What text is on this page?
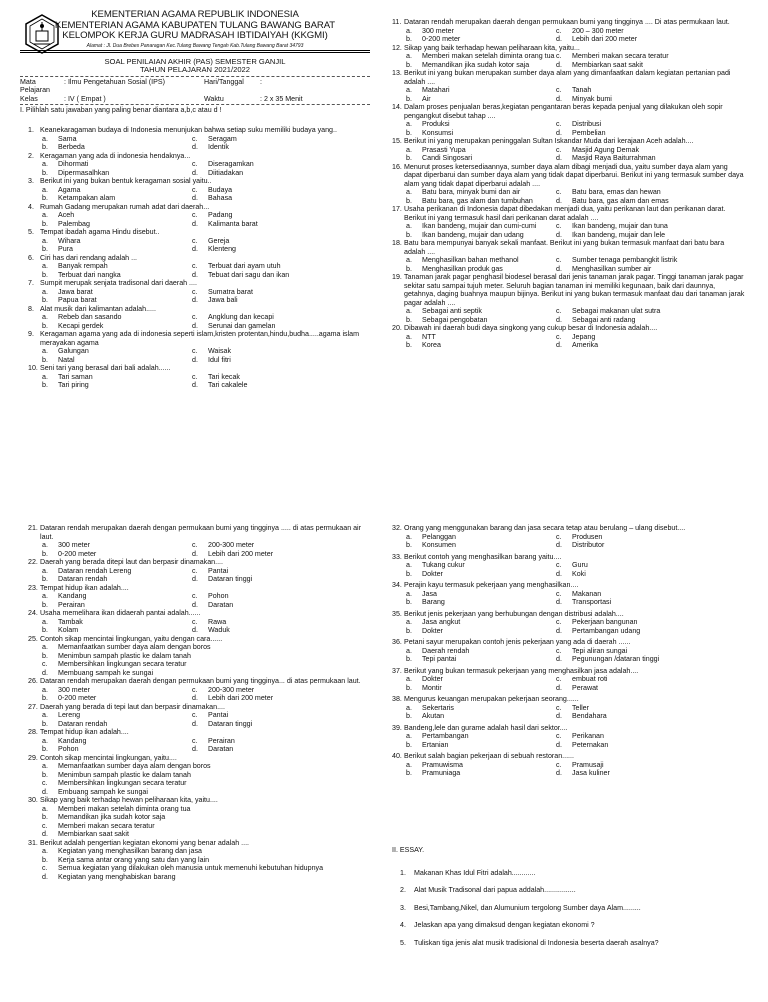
KEMENTERIAN AGAMA REPUBLIK INDONESIA
KEMENTERIAN AGAMA KABUPATEN TULANG BAWANG BARAT
KELOMPOK KERJA GURU MADRASAH IBTIDAIYAH (KKGMI)
Alamat : Jl. Dua Brebes Panaragan Kec.Tulang Bawang Tengah Kab.Tulang Bawang Barat 34793
SOAL PENILAIAN AKHIR (PAS) SEMESTER GANJIL
TAHUN PELAJARAN 2021/2022
Mata Pelajaran
: Ilmu Pengetahuan Sosial (IPS)	Hari/Tanggal	:
Kelas	: IV ( Empat )	Waktu	: 2 x 35 Menit
I. Pilihlah satu jawaban yang paling benar diantara a,b,c atau d !
1. Keanekaragaman budaya di Indonesia menunjukan bahwa setiap suku memiliki budaya yang..
a.	Sama	c.	Seragam
b.	Berbeda	d.	Identik
2. Keragaman yang ada di indonesia hendaknya...
a.	Dihormati	c.	Diseragamkan
b.	Dipermasalhkan	d.	Diitiadakan
3. Berikut ini yang bukan bentuk keragaman sosial yaitu..
a.	Agama	c.	Budaya
b.	Ketampakan alam	d.	Bahasa
4. Rumah Gadang merupakan rumah adat dari daerah...
a.	Aceh	c.	Padang
b.	Palembag	d.	Kalimanta barat
5. Tempat ibadah agama Hindu disebut..
a.	Wihara	c.	Gereja
b.	Pura	d.	Klenteng
6. Ciri has dari rendang adalah ...
a.	Banyak rempah	c.	Terbuat dari ayam utuh
b.	Terbuat dari nangka	d.	Tebuat dari sagu dan ikan
7. Sumpit merupak senjata tradisonal dari daerah ....
a.	Jawa barat	c.	Sumatra barat
b.	Papua barat	d.	Jawa bali
8. Alat musik dari kalimantan adalah.....
a.	Rebeb dan sasando	c.	Angklung dan kecapi
b.	Kecapi gerdek	d.	Serunai dan gamelan
9. Keragaman agama yang ada di indonesia seperti islam,kristen protentan,hindu,budha.....agama islam merayakan agama
a.	Galungan	c.	Waisak
b.	Natal	d.	Idul fitri
10. Seni tari yang berasal dari bali adalah......
a.	Tari saman	c.	Tari kecak
b.	Tari piring	d.	Tari cakalele
11. Dataran rendah merupakan daerah dengan permukaan bumi yang tingginya .... Di atas permukaan laut.
a.	300 meter	c.	200 – 300 meter
b.	0-200 meter	d.	Lebih dari 200 meter
12. Sikap yang baik terhadap hewan peliharaan kita, yaitu...
a.	Memberi makan setelah diminta orang tua c.	Memberi makan secara teratur
b.	Memandikan jika sudah kotor saja	d.	Membiarkan saat sakit
13. Berikut ini yang bukan merupakan sumber daya alam yang dimanfaatkan dalam kegiatan pertanian padi adalah ....
a.	Matahari	c.	Tanah
b.	Air	d.	Minyak bumi
14. Dalam proses penjualan beras,kegiatan pengantaran beras kepada penjual yang dilakukan oleh sopir pengangkut disebut tahap ....
a.	Produksi	c.	Distribusi
b.	Konsumsi	d.	Pembelian
15. Berikut ini yang merupakan peninggalan Sultan Iskandar Muda dari kerajaan Aceh adalah....
a.	Prasasti Yupa	c.	Masjid Agung Demak
b.	Candi Singosari	d.	Masjid Raya Baiturrahman
16. Menurut proses ketersediaannya, sumber daya alam dibagi menjadi dua, yaitu sumber daya alam yang dapat diperbarui dan sumber daya alam yang tidak dapat diperbarui. Berikut ini yang termasuk sumber daya alam yang tidak dapat diperbarui adalah ....
a.	Batu bara, minyak bumi dan air	c.	Batu bara, emas dan hewan
b.	Batu bara, gas alam dan tumbuhan	d.	Batu bara, gas alam dan emas
17. Usaha perikanan di Indonesia dapat dibedakan menjadi dua, yaitu perikanan laut dan perikanan darat. Berikut ini yang termasuk hasil dari perikanan darat adalah ....
a.	Ikan bandeng, mujair dan cumi-cumi	c.	Ikan bandeng, mujair dan tuna
b.	Ikan bandeng, mujair dan udang	d.	Ikan bandeng, mujair dan lele
18. Batu bara mempunyai banyak sekali manfaat. Berikut ini yang bukan termasuk manfaat dari batu bara adalah ....
a.	Menghasilkan bahan methanol	c.	Sumber tenaga pembangkit listrik
b.	Menghasilkan produk gas	d.	Menghasilkan sumber air
19. Tanaman jarak pagar penghasil biodesel berasal dari jenis tanaman jarak pagar. Tinggi tanaman jarak pagar sekitar satu sampai tujuh meter. Seluruh bagian tanaman ini memiliki kegunaan, baik dari daunnya, getahnya, daging buahnya maupun bijinya. Berikut ini yang bukan termasuk manfaat dau dari tanaman jarak pagar adalah ....
a.	Sebagai anti septik	c.	Sebagai makanan ulat sutra
b.	Sebagai pengobatan	d.	Sebagai anti radang
20. Dibawah ini daerah budi daya singkong yang cukup besar di Indonesia adalah....
a.	NTT	c.	Jepang
b.	Korea	d.	Amerika
21. Dataran rendah merupakan daerah dengan permukaan bumi yang tingginya ..... di atas permukaan air laut.
a.	300 meter	c.	200-300 meter
b.	0-200 meter	d.	Lebih dari 200 meter
22. Daerah yang berada ditepi laut dan berpasir dinamakan....
a.	Dataran rendah Lereng	c.	Pantai
b.	Dataran rendah	d.	Dataran tinggi
23. Tempat hidup ikan adalah....
a.	Kandang	c.	Pohon
b.	Perairan	d.	Daratan
24. Usaha memelihara ikan didaerah pantai adalah......
a.	Tambak	c.	Rawa
b.	Kolam	d.	Waduk
25. Contoh sikap mencintai lingkungan, yaitu dengan cara......
a.	Memanfaatkan sumber daya alam dengan boros
b.	Menimbun sampah plastic ke dalam tanah
c.	Membersihkan lingkungan secara teratur
d.	Membuang sampah ke sungai
26. Dataran rendah merupakan daerah dengan permukaan bumi yang tingginya... di atas permukaan laut.
a.	300 meter	c.	200-300 meter
b.	0-200 meter	d.	Lebih dari 200 meter
27. Daerah yang berada di tepi laut dan berpasir dinamakan....
a.	Lereng	c.	Pantai
b.	Dataran rendah	d.	Dataran tinggi
28. Tempat hidup ikan adalah....
a.	Kandang	c.	Perairan
b.	Pohon	d.	Daratan
29. Contoh sikap mencintai lingkungan, yaitu....
a.	Memanfaatkan sumber daya alam dengan boros
b.	Menimbun sampah plastic ke dalam tanah
c.	Membersihkan lingkungan secara teratur
d.	Embuang sampah ke sungai
30. Sikap yang baik terhadap hewan peliharaan kita, yaitu....
a.	Memberi makan setelah diminta orang tua
b.	Memandikan jika sudah kotor saja
c.	Memberi makan secara teratur
d.	Membiarkan saat sakit
31. Berikut adalah pengertian kegiatan ekonomi yang benar adalah ....
a.	Kegiatan yang menghasilkan barang dan jasa
b.	Kerja sama antar orang yang satu dan yang lain
c.	Semua kegiatan yang dilakukan oleh manusia untuk memenuhi kebutuhan hidupnya
d.	Kegiatan yang menghabiskan barang
32. Orang yang menggunakan barang dan jasa secara tetap atau berulang – ulang disebut....
a.	Pelanggan	c.	Produsen
b.	Konsumen	d.	Distributor
33. Berikut contoh yang menghasilkan barang yaitu....
a.	Tukang cukur	c.	Guru
b.	Dokter	d.	Koki
34. Perajin kayu termasuk pekerjaan yang menghasilkan....
a.	Jasa	c.	Makanan
b.	Barang	d.	Transportasi
35. Berikut jenis pekerjaan yang berhubungan dengan distribusi adalah....
a.	Jasa angkut	c.	Pekerjaan bangunan
b.	Dokter	d.	Pertambangan udang
36. Petani sayur merupakan contoh jenis pekerjaan yang ada di daerah ......
a.	Daerah rendah	c.	Tepi aliran sungai
b.	Tepi pantai	d.	Pegunungan /dataran tinggi
37. Berikut yang bukan termasuk pekerjaan yang menghasilkan jasa adalah....
a.	Dokter	c.	embuat roti
b.	Montir	d.	Perawat
38. Mengurus keuangan merupakan pekerjaan seorang......
a.	Sekertaris	c.	Teller
b.	Akutan	d.	Bendahara
39. Bandeng,lele dan gurame adalah hasil dari sektor....
a.	Pertambangan	c.	Perikanan
b.	Ertanian	d.	Peternakan
40. Berikut salah bagian pekerjaan di sebuah restoran......
a.	Pramuwisma	c.	Pramusaji
b.	Pramuniaga	d.	Jasa kuliner
II. ESSAY.
1.	Makanan Khas Idul Fitri adalah............
2.	Alat Musik Tradisonal dari papua addalah................
3.	Besi,Tambang,Nikel, dan Alumunium tergolong Sumber daya Alam.........
4.	Jelaskan apa yang dimaksud dengan kegiatan ekonomi ?
5.	Tuliskan tiga jenis alat musik tradisional di Indonesia beserta daerah asalnya?
